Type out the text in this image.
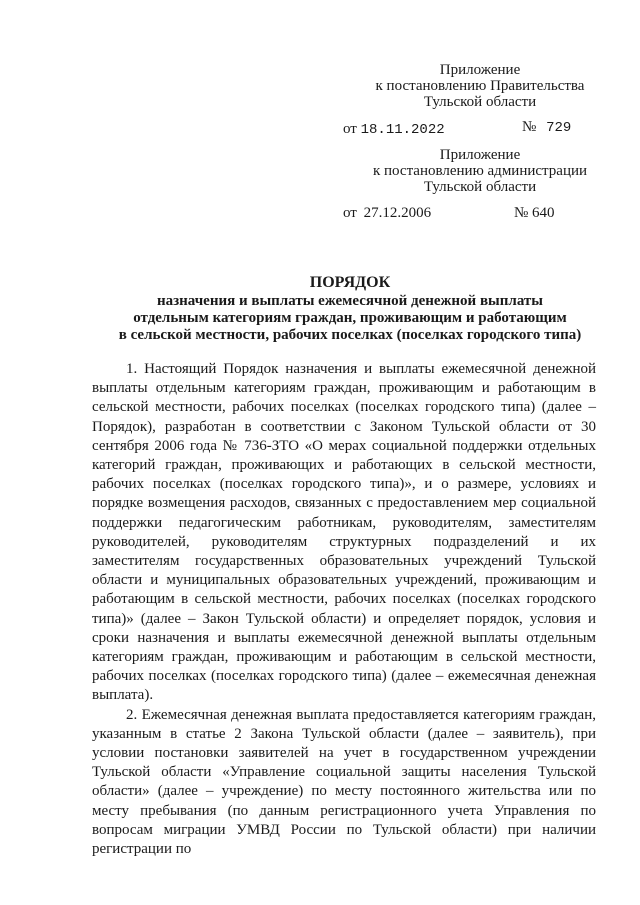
Приложение
к постановлению Правительства
Тульской области
от 18.11.2022	№ 729
Приложение
к постановлению администрации
Тульской области
от 27.12.2006	№ 640
ПОРЯДОК
назначения и выплаты ежемесячной денежной выплаты
отдельным категориям граждан, проживающим и работающим
в сельской местности, рабочих поселках (поселках городского типа)

1. Настоящий Порядок назначения и выплаты ежемесячной денежной выплаты отдельным категориям граждан, проживающим и работающим в сельской местности, рабочих поселках (поселках городского типа) (далее – Порядок), разработан в соответствии с Законом Тульской области от 30 сентября 2006 года № 736-ЗТО «О мерах социальной поддержки отдельных категорий граждан, проживающих и работающих в сельской местности, рабочих поселках (поселках городского типа)», и о размере, условиях и порядке возмещения расходов, связанных с предоставлением мер социальной поддержки педагогическим работникам, руководителям, заместителям руководителей, руководителям структурных подразделений и их заместителям государственных образовательных учреждений Тульской области и муниципальных образовательных учреждений, проживающим и работающим в сельской местности, рабочих поселках (поселках городского типа)» (далее – Закон Тульской области) и определяет порядок, условия и сроки назначения и выплаты ежемесячной денежной выплаты отдельным категориям граждан, проживающим и работающим в сельской местности, рабочих поселках (поселках городского типа) (далее – ежемесячная денежная выплата).

2. Ежемесячная денежная выплата предоставляется категориям граждан, указанным в статье 2 Закона Тульской области (далее – заявитель), при условии постановки заявителей на учет в государственном учреждении Тульской области «Управление социальной защиты населения Тульской области» (далее – учреждение) по месту постоянного жительства или по месту пребывания (по данным регистрационного учета Управления по вопросам миграции УМВД России по Тульской области) при наличии регистрации по
